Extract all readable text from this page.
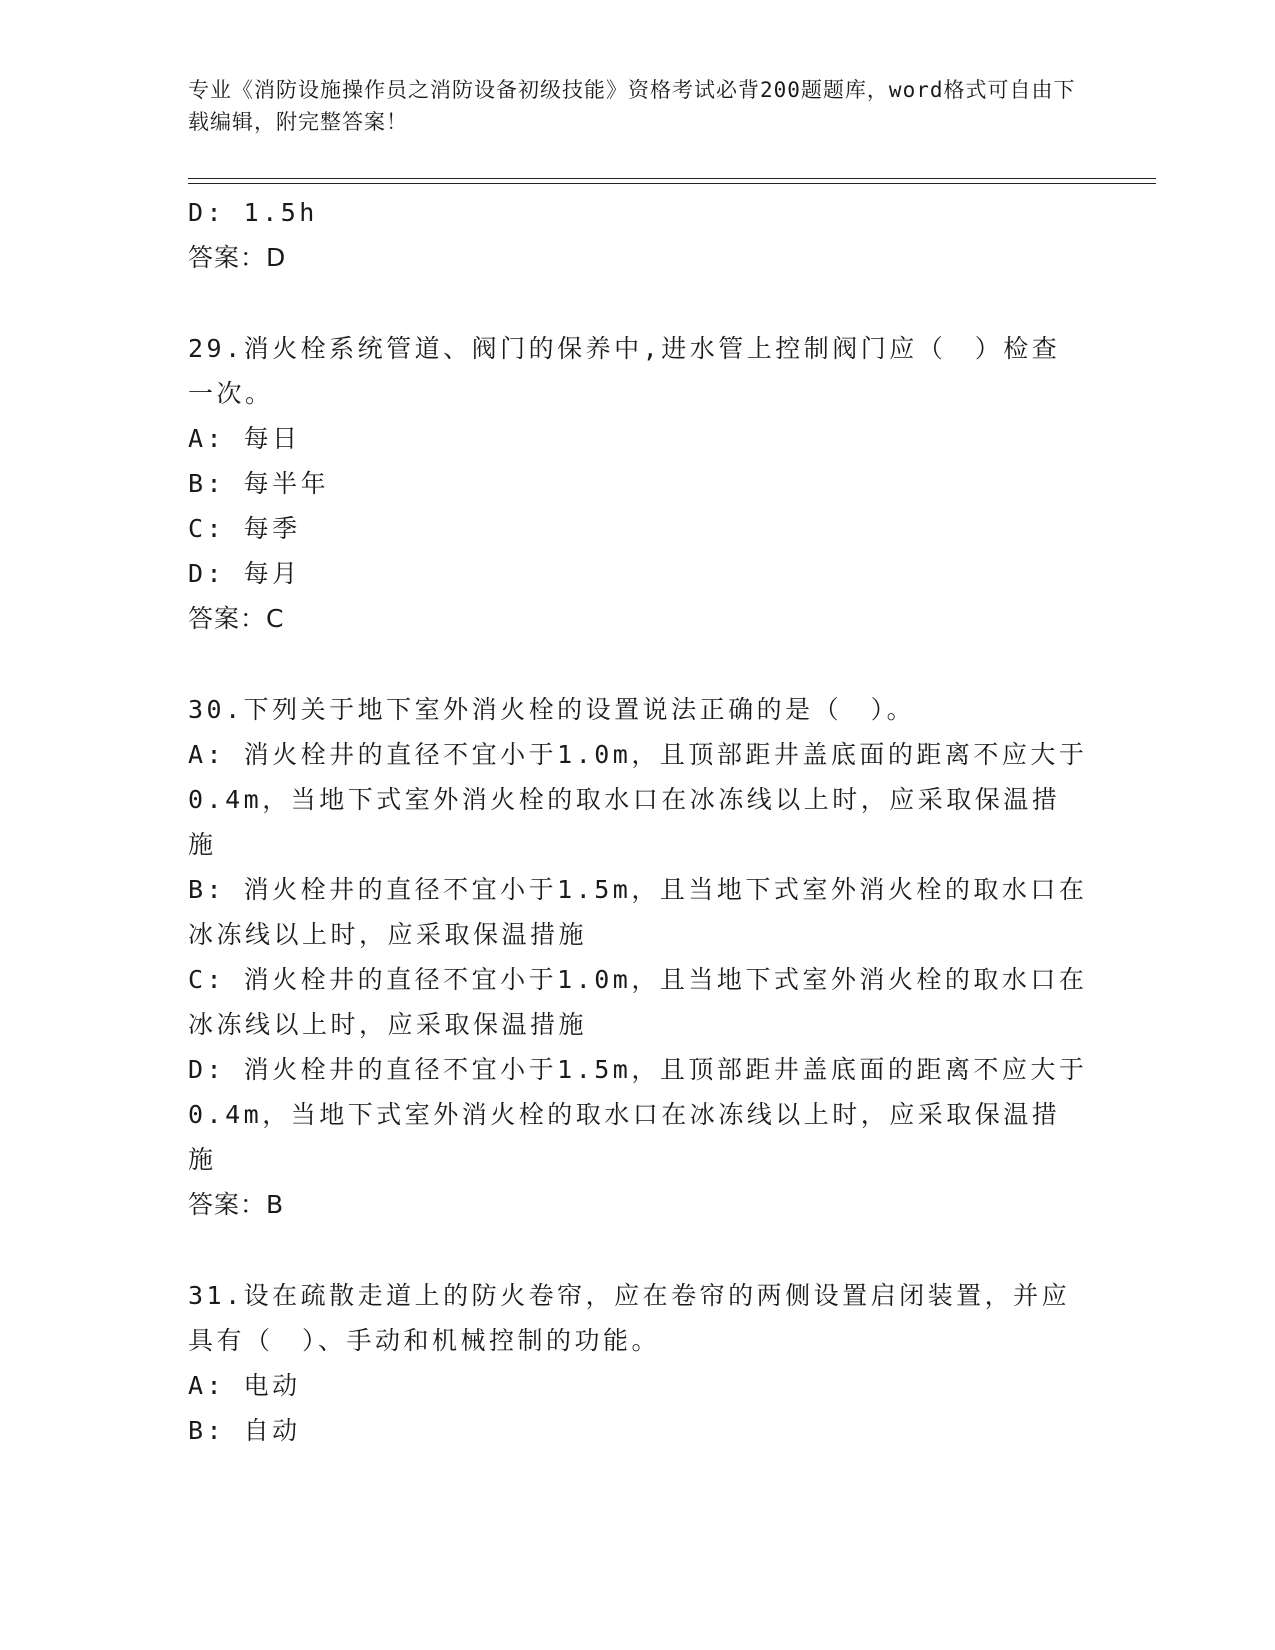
专业《消防设施操作员之消防设备初级技能》资格考试必背200题题库，word格式可自由下载编辑，附完整答案！
D: 1.5h
答案：D
29.消火栓系统管道、阀门的保养中,进水管上控制阀门应（　）检查一次。
A: 每日
B: 每半年
C: 每季
D: 每月
答案：C
30.下列关于地下室外消火栓的设置说法正确的是（　）。
A: 消火栓井的直径不宜小于1.0m，且顶部距井盖底面的距离不应大于0.4m，当地下式室外消火栓的取水口在冰冻线以上时，应采取保温措施
B: 消火栓井的直径不宜小于1.5m，且当地下式室外消火栓的取水口在冰冻线以上时，应采取保温措施
C: 消火栓井的直径不宜小于1.0m，且当地下式室外消火栓的取水口在冰冻线以上时，应采取保温措施
D: 消火栓井的直径不宜小于1.5m，且顶部距井盖底面的距离不应大于0.4m，当地下式室外消火栓的取水口在冰冻线以上时，应采取保温措施
答案：B
31.设在疏散走道上的防火卷帘，应在卷帘的两侧设置启闭装置，并应具有（　）、手动和机械控制的功能。
A: 电动
B: 自动
